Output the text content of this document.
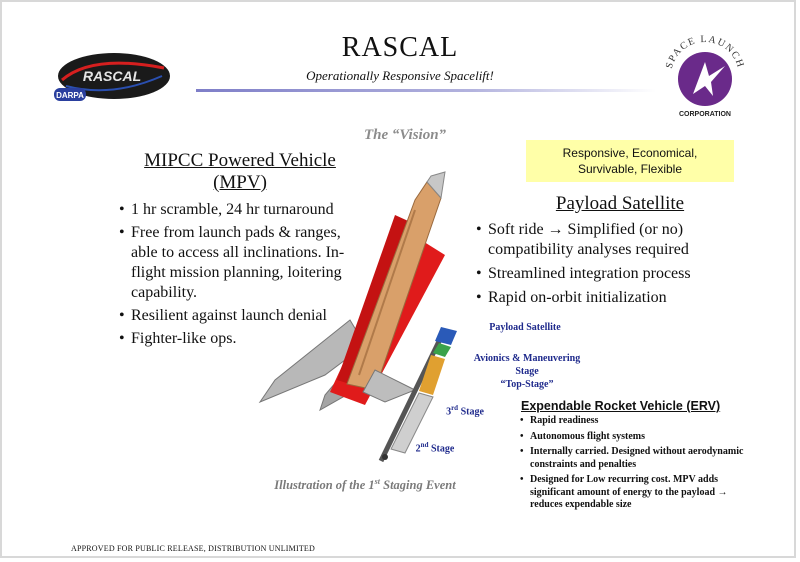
RASCAL
DARPA
RASCAL
Operationally Responsive Spacelift!
SPACE LAUNCH
CORPORATION
The “Vision”
MIPCC Powered Vehicle
(MPV)
• 1 hr scramble, 24 hr turnaround
• Free from launch pads & ranges, able to access all inclinations. In-flight mission planning, loitering capability.
• Resilient against launch denial
• Fighter-like ops.
Responsive, Economical,
Survivable, Flexible
Payload Satellite
• Soft ride → Simplified (or no) compatibility analyses required
• Streamlined integration process
• Rapid on-orbit initialization
Payload Satellite
Avionics & Maneuvering
Stage
“Top-Stage”
3rd Stage
2nd Stage
Expendable Rocket Vehicle (ERV)
• Rapid readiness
• Autonomous flight systems
• Internally carried. Designed without aerodynamic constraints and penalties
• Designed for Low recurring cost. MPV adds significant amount of energy to the payload → reduces expendable size
Illustration of the 1st Staging Event
APPROVED FOR PUBLIC RELEASE, DISTRIBUTION UNLIMITED
